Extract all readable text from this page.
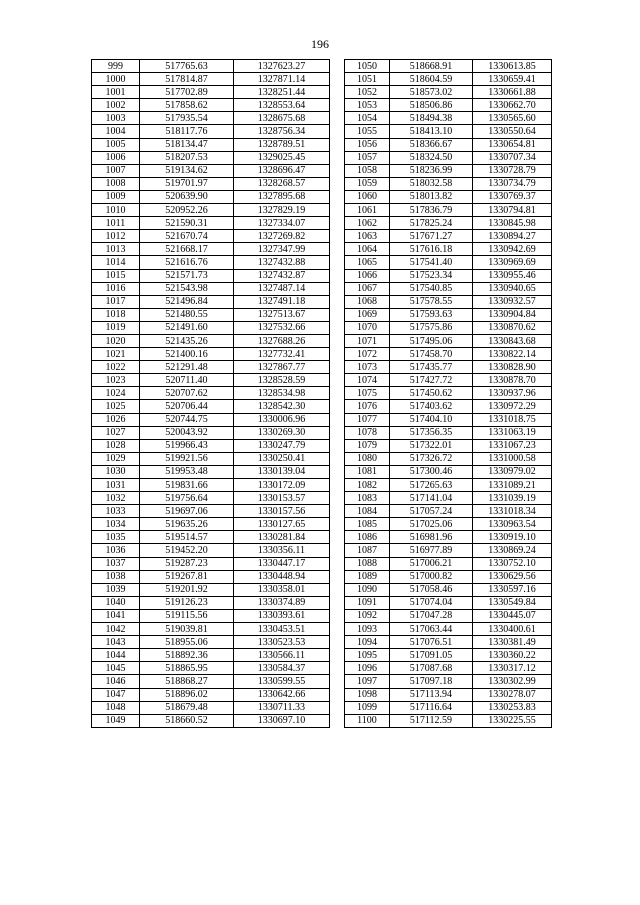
196
999	517765.63	1327623.27
1000	517814.87	1327871.14
1001	517702.89	1328251.44
1002	517858.62	1328553.64
1003	517935.54	1328675.68
1004	518117.76	1328756.34
1005	518134.47	1328789.51
1006	518207.53	1329025.45
1007	519134.62	1328696.47
1008	519701.97	1328268.57
1009	520639.90	1327895.68
1010	520952.26	1327829.19
1011	521590.31	1327334.07
1012	521670.74	1327269.82
1013	521668.17	1327347.99
1014	521616.76	1327432.88
1015	521571.73	1327432.87
1016	521543.98	1327487.14
1017	521496.84	1327491.18
1018	521480.55	1327513.67
1019	521491.60	1327532.66
1020	521435.26	1327688.26
1021	521400.16	1327732.41
1022	521291.48	1327867.77
1023	520711.40	1328528.59
1024	520707.62	1328534.98
1025	520706.44	1328542.30
1026	520744.75	1330006.96
1027	520043.92	1330269.30
1028	519966.43	1330247.79
1029	519921.56	1330250.41
1030	519953.48	1330139.04
1031	519831.66	1330172.09
1032	519756.64	1330153.57
1033	519697.06	1330157.56
1034	519635.26	1330127.65
1035	519514.57	1330281.84
1036	519452.20	1330356.11
1037	519287.23	1330447.17
1038	519267.81	1330448.94
1039	519201.92	1330358.01
1040	519126.23	1330374.89
1041	519115.56	1330393.61
1042	519039.81	1330453.51
1043	518955.06	1330523.53
1044	518892.36	1330566.11
1045	518865.95	1330584.37
1046	518868.27	1330599.55
1047	518896.02	1330642.66
1048	518679.48	1330711.33
1049	518660.52	1330697.10
1050	518668.91	1330613.85
1051	518604.59	1330659.41
1052	518573.02	1330661.88
1053	518506.86	1330662.70
1054	518494.38	1330565.60
1055	518413.10	1330550.64
1056	518366.67	1330654.81
1057	518324.50	1330707.34
1058	518236.99	1330728.79
1059	518032.58	1330734.79
1060	518013.82	1330769.37
1061	517836.79	1330794.81
1062	517825.24	1330845.98
1063	517671.27	1330894.27
1064	517616.18	1330942.69
1065	517541.40	1330969.69
1066	517523.34	1330955.46
1067	517540.85	1330940.65
1068	517578.55	1330932.57
1069	517593.63	1330904.84
1070	517575.86	1330870.62
1071	517495.06	1330843.68
1072	517458.70	1330822.14
1073	517435.77	1330828.90
1074	517427.72	1330878.70
1075	517450.62	1330937.96
1076	517403.62	1330972.29
1077	517404.10	1331018.75
1078	517356.35	1331063.19
1079	517322.01	1331067.23
1080	517326.72	1331000.58
1081	517300.46	1330979.02
1082	517265.63	1331089.21
1083	517141.04	1331039.19
1084	517057.24	1331018.34
1085	517025.06	1330963.54
1086	516981.96	1330919.10
1087	516977.89	1330869.24
1088	517006.21	1330752.10
1089	517000.82	1330629.56
1090	517058.46	1330597.16
1091	517074.04	1330549.84
1092	517047.28	1330445.07
1093	517063.44	1330400.61
1094	517076.51	1330381.49
1095	517091.05	1330360.22
1096	517087.68	1330317.12
1097	517097.18	1330302.99
1098	517113.94	1330278.07
1099	517116.64	1330253.83
1100	517112.59	1330225.55
